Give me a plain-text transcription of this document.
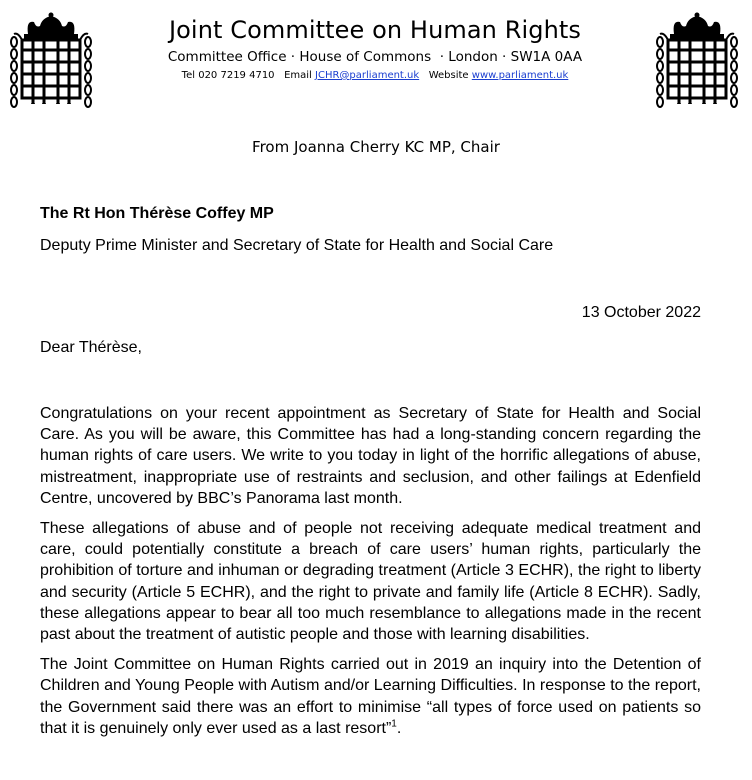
Joint Committee on Human Rights
Committee Office · House of Commons  · London · SW1A 0AA
Tel 020 7219 4710 Email JCHR@parliament.uk Website www.parliament.uk
From Joanna Cherry KC MP, Chair
The Rt Hon Thérèse Coffey MP
Deputy Prime Minister and Secretary of State for Health and Social Care
13 October 2022
Dear Thérèse,

Congratulations on your recent appointment as Secretary of State for Health and Social Care. As you will be aware, this Committee has had a long-standing concern regarding the human rights of care users. We write to you today in light of the horrific allegations of abuse, mistreatment, inappropriate use of restraints and seclusion, and other failings at Edenfield Centre, uncovered by BBC’s Panorama last month.

These allegations of abuse and of people not receiving adequate medical treatment and care, could potentially constitute a breach of care users’ human rights, particularly the prohibition of torture and inhuman or degrading treatment (Article 3 ECHR), the right to liberty and security (Article 5 ECHR), and the right to private and family life (Article 8 ECHR). Sadly, these allegations appear to bear all too much resemblance to allegations made in the recent past about the treatment of autistic people and those with learning disabilities.

The Joint Committee on Human Rights carried out in 2019 an inquiry into the Detention of Children and Young People with Autism and/or Learning Difficulties. In response to the report, the Government said there was an effort to minimise “all types of force used on patients so that it is genuinely only ever used as a last resort”$^1$.
